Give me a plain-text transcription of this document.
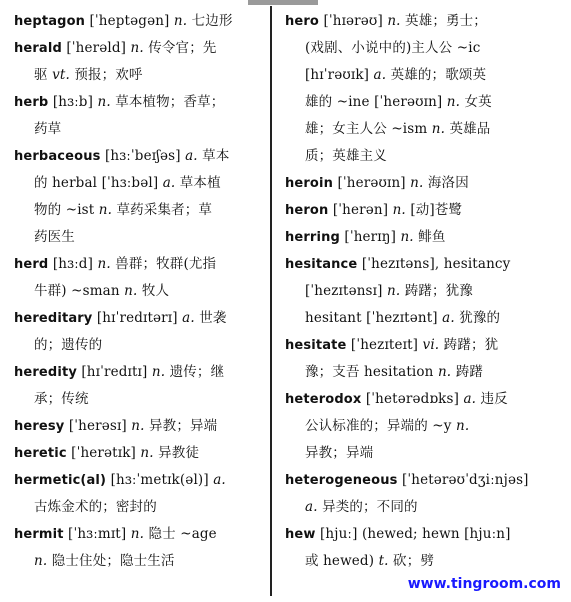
heptagon [ˈheptəgən] n. 七边形
herald [ˈherəld] n. 传令官；先
驱 vt. 预报；欢呼
herb [hɜːb] n. 草本植物；香草；
药草
herbaceous [hɜːˈbeɪʃəs] a. 草本
的 herbal [ˈhɜːbəl] a. 草本植
物的 ~ist n. 草药采集者；草
药医生
herd [hɜːd] n. 兽群；牧群(尤指
牛群) ~sman n. 牧人
hereditary [hɪˈredɪtərɪ] a. 世袭
的；遗传的
heredity [hɪˈredɪtɪ] n. 遗传；继
承；传统
heresy [ˈherəsɪ] n. 异教；异端
heretic [ˈherətɪk] n. 异教徒
hermetic(al) [hɜːˈmetɪk(əl)] a.
古炼金术的；密封的
hermit [ˈhɜːmɪt] n. 隐士 ~age
n. 隐士住处；隐士生活
hero [ˈhɪərəʊ] n. 英雄；勇士；
(戏剧、小说中的)主人公 ~ic
[hɪˈrəʊɪk] a. 英雄的；歌颂英
雄的 ~ine [ˈherəʊɪn] n. 女英
雄；女主人公 ~ism n. 英雄品
质；英雄主义
heroin [ˈherəʊɪn] n. 海洛因
heron [ˈherən] n. [动]苍鹭
herring [ˈherɪŋ] n. 鲱鱼
hesitance [ˈhezɪtəns], hesitancy
[ˈhezɪtənsɪ] n. 踌躇；犹豫
hesitant [ˈhezɪtənt] a. 犹豫的
hesitate [ˈhezɪteɪt] vi. 踌躇；犹
豫；支吾 hesitation n. 踌躇
heterodox [ˈhetərədɒks] a. 违反
公认标准的；异端的 ~y n.
异教；异端
heterogeneous [ˈhetərəʊˈdʒiːnjəs]
a. 异类的；不同的
hew [hjuː] (hewed; hewn [hjuːn]
或 hewed) t. 砍；劈
www.tingroom.com
